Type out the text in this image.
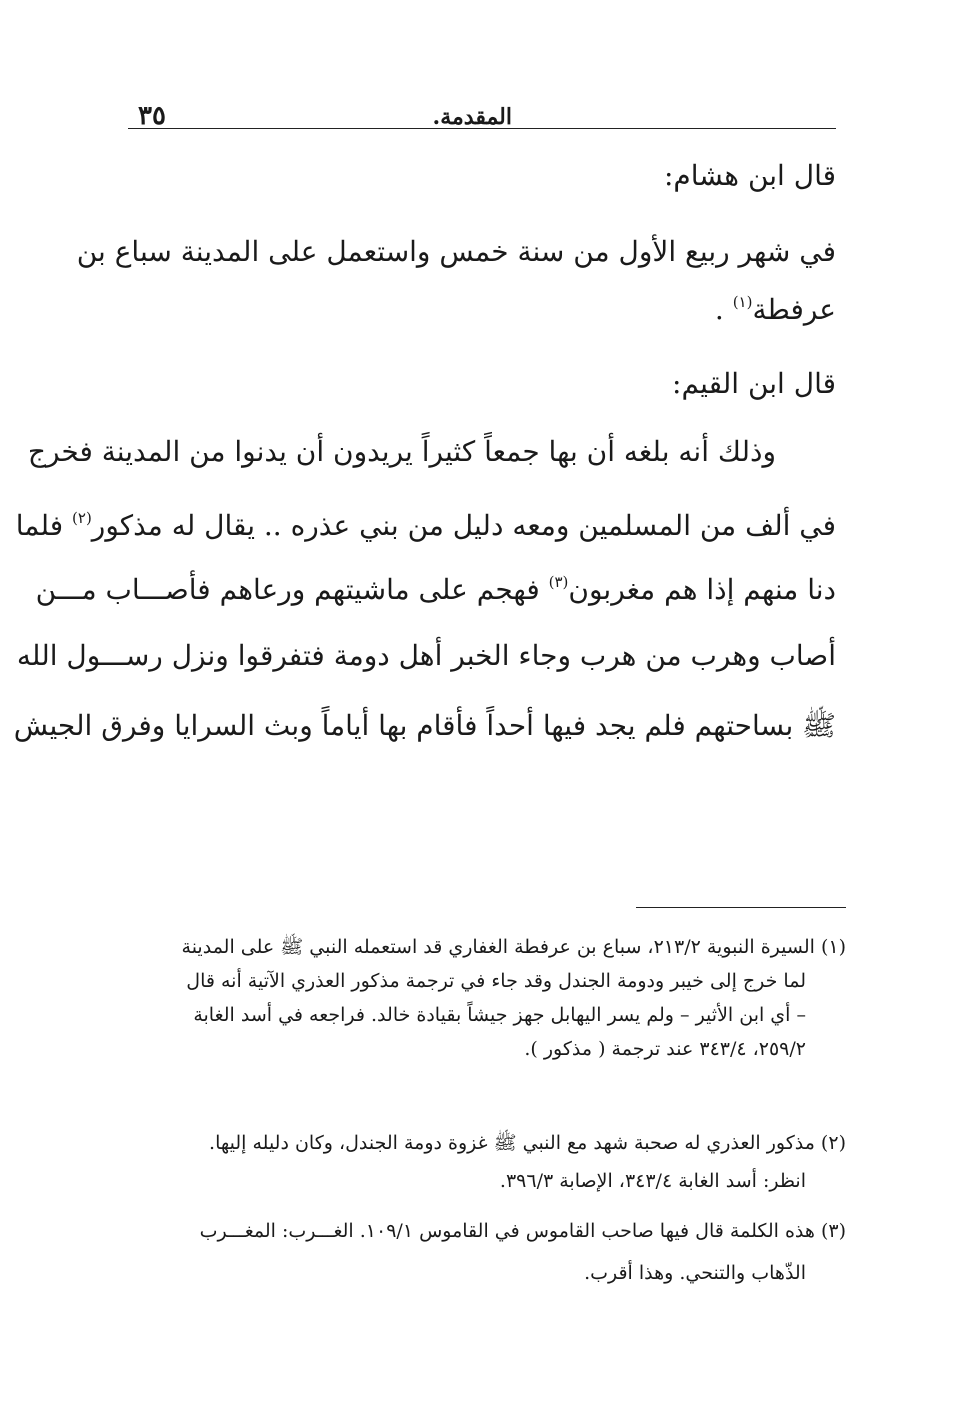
المقدمة.
٣٥
قال ابن هشام:
في شهر ربيع الأول من سنة خمس واستعمل على المدينة سباع بن
عرفطة$^{(١)}$ .
قال ابن القيم:
وذلك أنه بلغه أن بها جمعاً كثيراً يريدون أن يدنوا من المدينة فخرج
في ألف من المسلمين ومعه دليل من بني عذره .. يقال له مذكور$^{(٢)}$ فلما
دنا منهم إذا هم مغربون$^{(٣)}$ فهجم على ماشيتهم ورعاهم فأصـــاب مـــن
أصاب وهرب من هرب وجاء الخبر أهل دومة فتفرقوا ونزل رســـول الله
ﷺ بساحتهم فلم يجد فيها أحداً فأقام بها أياماً وبث السرايا وفرق الجيش
(١) السيرة النبوية ٢١٣/٢، سباع بن عرفطة الغفاري قد استعمله النبي ﷺ على المدينة
لما خرج إلى خيبر ودومة الجندل وقد جاء في ترجمة مذكور العذري الآتية أنه قال
– أي ابن الأثير – ولم يسر اليهابل جهز جيشاً بقيادة خالد. فراجعه في أسد الغابة
٢٥٩/٢، ٣٤٣/٤ عند ترجمة ( مذكور ).
(٢) مذكور العذري له صحبة شهد مع النبي ﷺ غزوة دومة الجندل، وكان دليله إليها.
انظر: أسد الغابة ٣٤٣/٤، الإصابة ٣٩٦/٣.
(٣) هذه الكلمة قال فيها صاحب القاموس في القاموس ١٠٩/١. الغـــرب: المغـــرب
الذّهاب والتنحي. وهذا أقرب.
